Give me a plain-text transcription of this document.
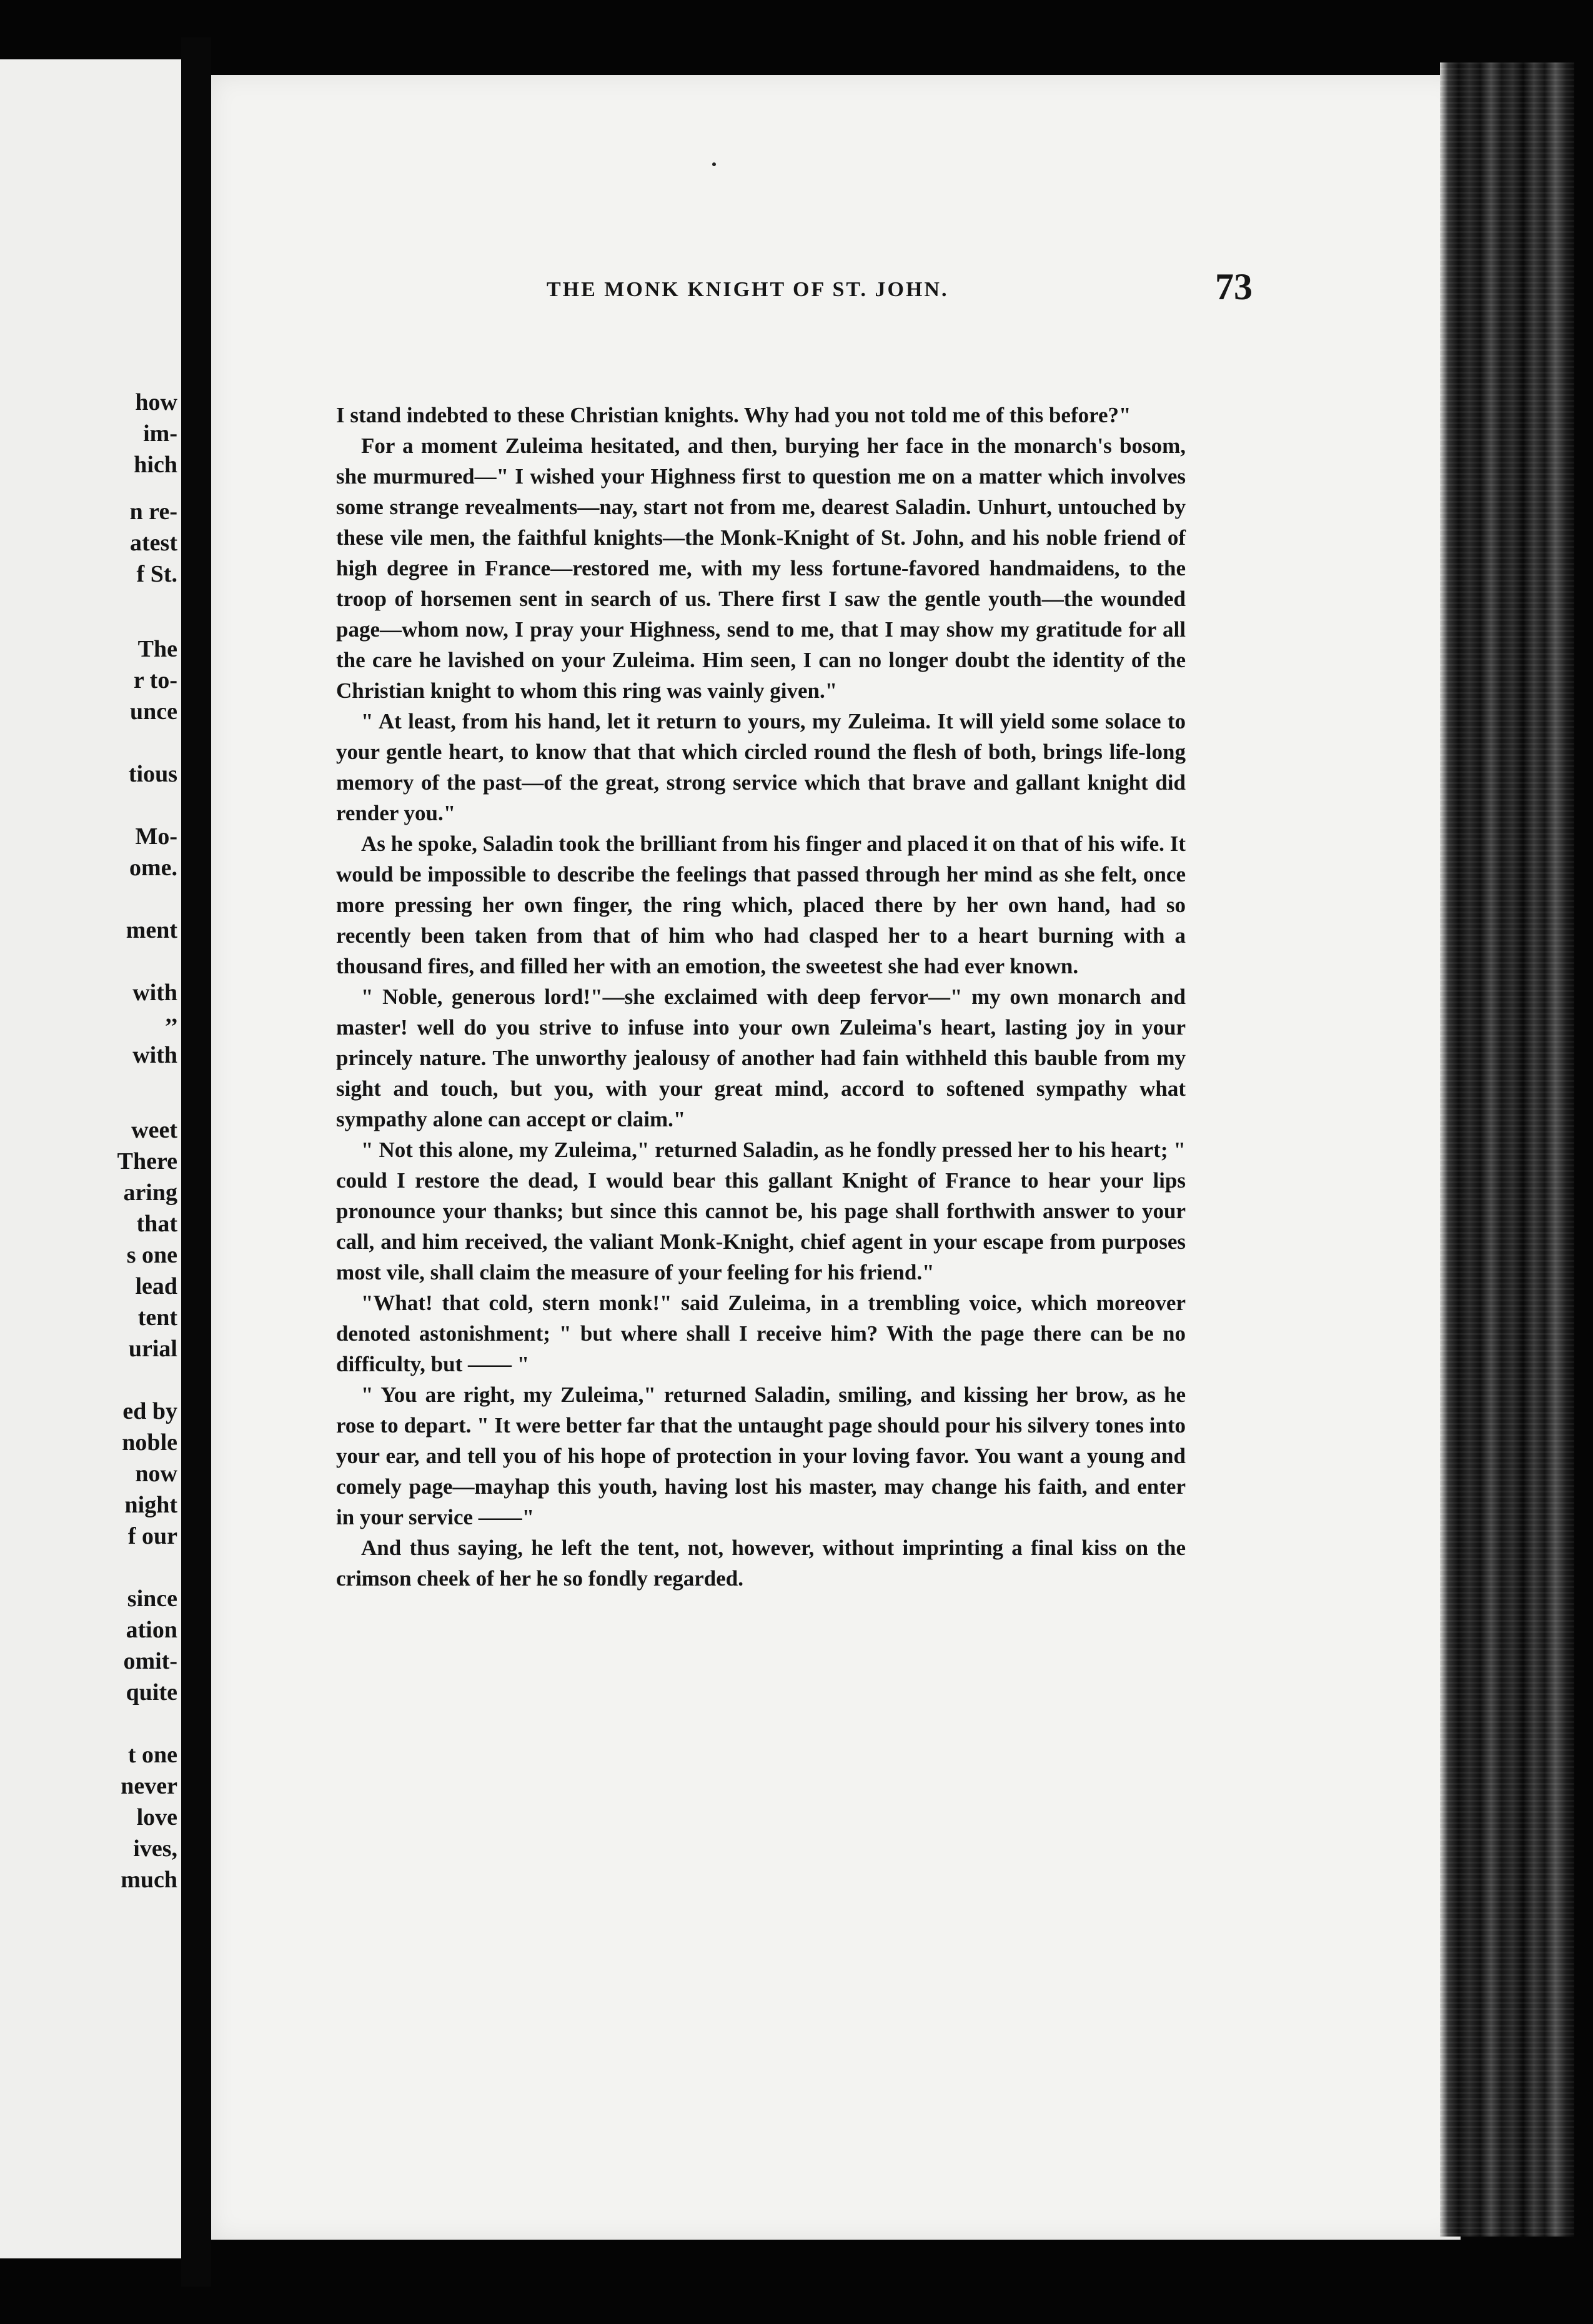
how
im-
hich
n re-
atest
f St.
The
r to-
unce
tious
Mo-
ome.
ment
with
,,
with
weet
There
aring
that
s one
lead
tent
urial
ed by
noble
now
night
f our
since
ation
omit-
quite
t one
never
love
ives,
much
THE MONK KNIGHT OF ST. JOHN.	73

I stand indebted to these Christian knights. Why had you not told me of this before?"

For a moment Zuleima hesitated, and then, burying her face in the monarch's bosom, she murmured—" I wished your Highness first to question me on a matter which involves some strange revealments—nay, start not from me, dearest Saladin. Unhurt, untouched by these vile men, the faithful knights—the Monk-Knight of St. John, and his noble friend of high degree in France—restored me, with my less fortune-favored handmaidens, to the troop of horsemen sent in search of us. There first I saw the gentle youth—the wounded page—whom now, I pray your Highness, send to me, that I may show my gratitude for all the care he lavished on your Zuleima. Him seen, I can no longer doubt the identity of the Christian knight to whom this ring was vainly given."

" At least, from his hand, let it return to yours, my Zuleima. It will yield some solace to your gentle heart, to know that that which circled round the flesh of both, brings life-long memory of the past—of the great, strong service which that brave and gallant knight did render you."

As he spoke, Saladin took the brilliant from his finger and placed it on that of his wife. It would be impossible to describe the feelings that passed through her mind as she felt, once more pressing her own finger, the ring which, placed there by her own hand, had so recently been taken from that of him who had clasped her to a heart burning with a thousand fires, and filled her with an emotion, the sweetest she had ever known.

" Noble, generous lord!"—she exclaimed with deep fervor—" my own monarch and master! well do you strive to infuse into your own Zuleima's heart, lasting joy in your princely nature. The unworthy jealousy of another had fain withheld this bauble from my sight and touch, but you, with your great mind, accord to softened sympathy what sympathy alone can accept or claim."

" Not this alone, my Zuleima," returned Saladin, as he fondly pressed her to his heart; " could I restore the dead, I would bear this gallant Knight of France to hear your lips pronounce your thanks; but since this cannot be, his page shall forthwith answer to your call, and him received, the valiant Monk-Knight, chief agent in your escape from purposes most vile, shall claim the measure of your feeling for his friend."

"What! that cold, stern monk!" said Zuleima, in a trembling voice, which moreover denoted astonishment; " but where shall I receive him? With the page there can be no difficulty, but —— "

" You are right, my Zuleima," returned Saladin, smiling, and kissing her brow, as he rose to depart. " It were better far that the untaught page should pour his silvery tones into your ear, and tell you of his hope of protection in your loving favor. You want a young and comely page—mayhap this youth, having lost his master, may change his faith, and enter in your service ——"

And thus saying, he left the tent, not, however, without imprinting a final kiss on the crimson cheek of her he so fondly regarded.
